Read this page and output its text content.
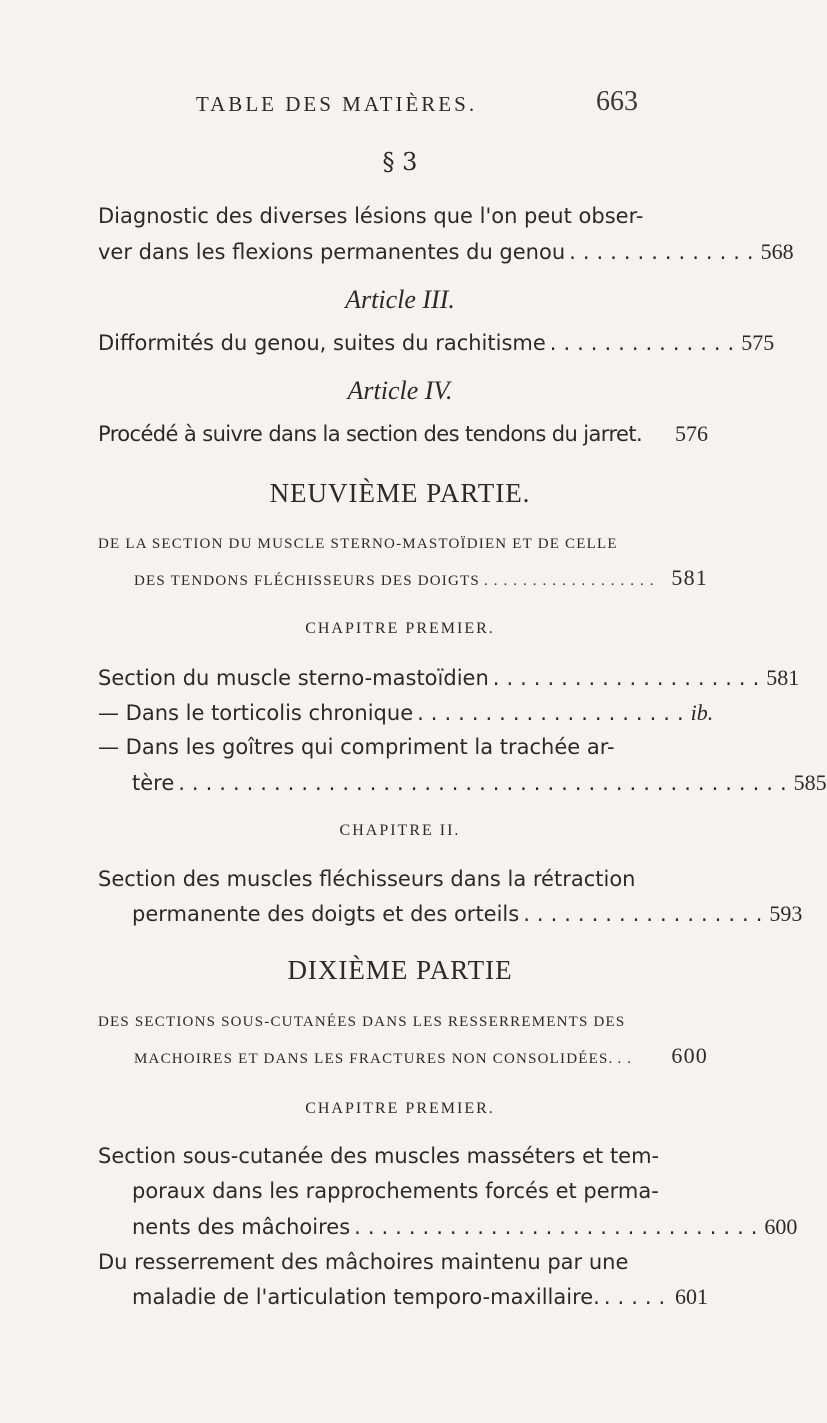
TABLE DES MATIÈRES.	663
§ 3
Diagnostic des diverses lésions que l'on peut obser-
ver dans les flexions permanentes du genou .............. 568
Article III.
Difformités du genou, suites du rachitisme .............. 575
Article IV.
Procédé à suivre dans la section des tendons du jarret. 576
NEUVIÈME PARTIE.
DE LA SECTION DU MUSCLE STERNO-MASTOÏDIEN ET DE CELLE
DES TENDONS FLÉCHISSEURS DES DOIGTS .................. 581
CHAPITRE PREMIER.
Section du muscle sterno-mastoïdien .................... 581
— Dans le torticolis chronique .................... ib.
— Dans les goîtres qui compriment la trachée ar-
tère ............................................. 585
CHAPITRE II.
Section des muscles fléchisseurs dans la rétraction
permanente des doigts et des orteils .................. 593
DIXIÈME PARTIE
DES SECTIONS SOUS-CUTANÉES DANS LES RESSERREMENTS DES
MACHOIRES ET DANS LES FRACTURES NON CONSOLIDÉES. ..	600
CHAPITRE PREMIER.
Section sous-cutanée des muscles masséters et tem-
poraux dans les rapprochements forcés et perma-
nents des mâchoires .............................. 600
Du resserrement des mâchoires maintenu par une
maladie de l'articulation temporo-maxillaire. ..... 601
